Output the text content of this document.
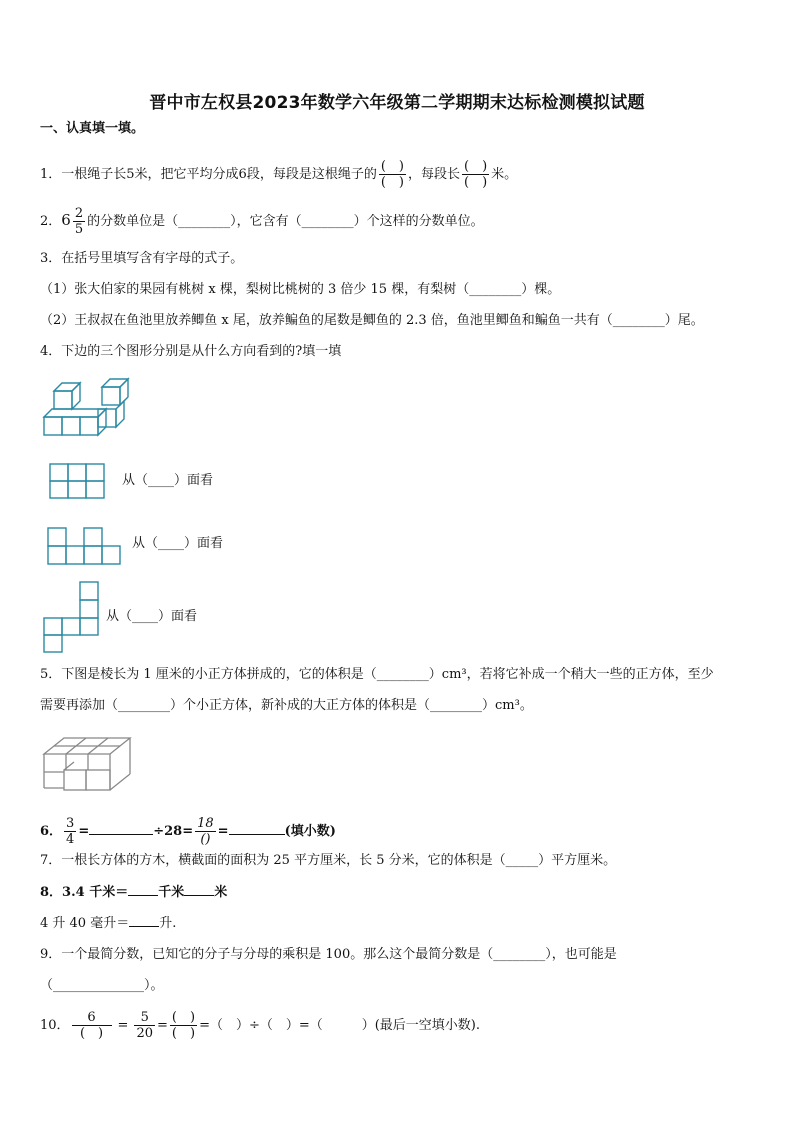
晋中市左权县2023年数学六年级第二学期期末达标检测模拟试题
一、认真填一填。
1．一根绳子长5米，把它平均分成6段，每段是这根绳子的 $\frac{( )}{( )}$ ，每段长 $\frac{( )}{( )}$ 米。
2．$6 \frac{2}{5}$ 的分数单位是（________），它含有（________）个这样的分数单位。
3．在括号里填写含有字母的式子。
（1）张大伯家的果园有桃树 x 棵，梨树比桃树的 3 倍少 15 棵，有梨树（________）棵。
（2）王叔叔在鱼池里放养鲫鱼 x 尾，放养鳊鱼的尾数是鲫鱼的 2.3 倍，鱼池里鲫鱼和鳊鱼一共有（________）尾。
4．下边的三个图形分别是从什么方向看到的?填一填
从（____）面看
从（____）面看
从（____）面看
5．下图是棱长为 1 厘米的小正方体拼成的，它的体积是（________）cm³，若将它补成一个稍大一些的正方体，至少
需要再添加（________）个小正方体，新补成的大正方体的体积是（________）cm³。
6． $\frac{3}{4}$ =	$\div 28= \frac{18}{()}$ =	(填小数)
7．一根长方体的方木，横截面的面积为 25 平方厘米，长 5 分米，它的体积是（_____）平方厘米。
8．3.4 千米＝ 千米 米
4 升 40 毫升＝ 升.
9．一个最简分数，已知它的分子与分母的乘积是 100。那么这个最简分数是（________），也可能是
（______________）。
10． $\frac{6}{( )} = \frac{5}{20} = \frac{( )}{( )}$ =（　）÷（　）=（　　　）(最后一空填小数).
